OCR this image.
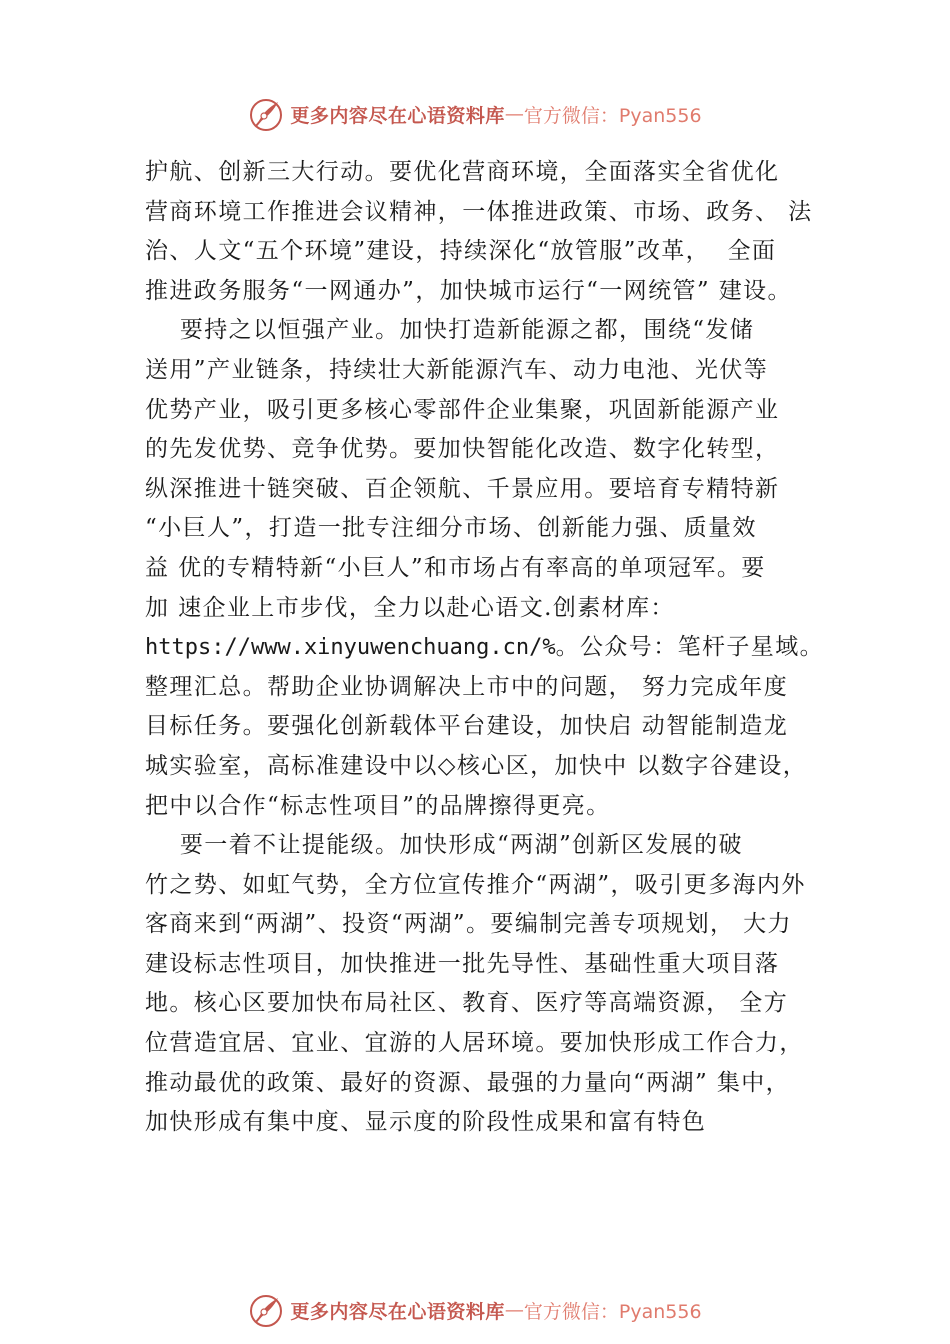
更多内容尽在心语资料库 — 官方微信：Pyan556
护航、创新三大行动。要优化营商环境，全面落实全省优化
营商环境工作推进会议精神，一体推进政策、市场、政务、 法
治、人文“五个环境”建设，持续深化“放管服”改革，  全面
推进政务服务“一网通办”，加快城市运行“一网统管” 建设。
要持之以恒强产业。加快打造新能源之都，围绕“发储
送用”产业链条，持续壮大新能源汽车、动力电池、光伏等
优势产业，吸引更多核心零部件企业集聚，巩固新能源产业
的先发优势、竞争优势。要加快智能化改造、数字化转型，
纵深推进十链突破、百企领航、千景应用。要培育专精特新
“小巨人”，打造一批专注细分市场、创新能力强、质量效
益 优的专精特新“小巨人”和市场占有率高的单项冠军。要
加 速企业上市步伐，全力以赴心语文.创素材库：
https://www.xinyuwenchuang.cn/%。公众号：笔杆子星域。
整理汇总。帮助企业协调解决上市中的问题， 努力完成年度
目标任务。要强化创新载体平台建设，加快启 动智能制造龙
城实验室，高标准建设中以◇核心区，加快中 以数字谷建设，
把中以合作“标志性项目”的品牌擦得更亮。
要一着不让提能级。加快形成“两湖”创新区发展的破
竹之势、如虹气势，全方位宣传推介“两湖”，吸引更多海内外
客商来到“两湖”、投资“两湖”。要编制完善专项规划， 大力
建设标志性项目，加快推进一批先导性、基础性重大项目落
地。核心区要加快布局社区、教育、医疗等高端资源， 全方
位营造宜居、宜业、宜游的人居环境。要加快形成工作合力，
推动最优的政策、最好的资源、最强的力量向“两湖” 集中，
加快形成有集中度、显示度的阶段性成果和富有特色
更多内容尽在心语资料库 — 官方微信：Pyan556
